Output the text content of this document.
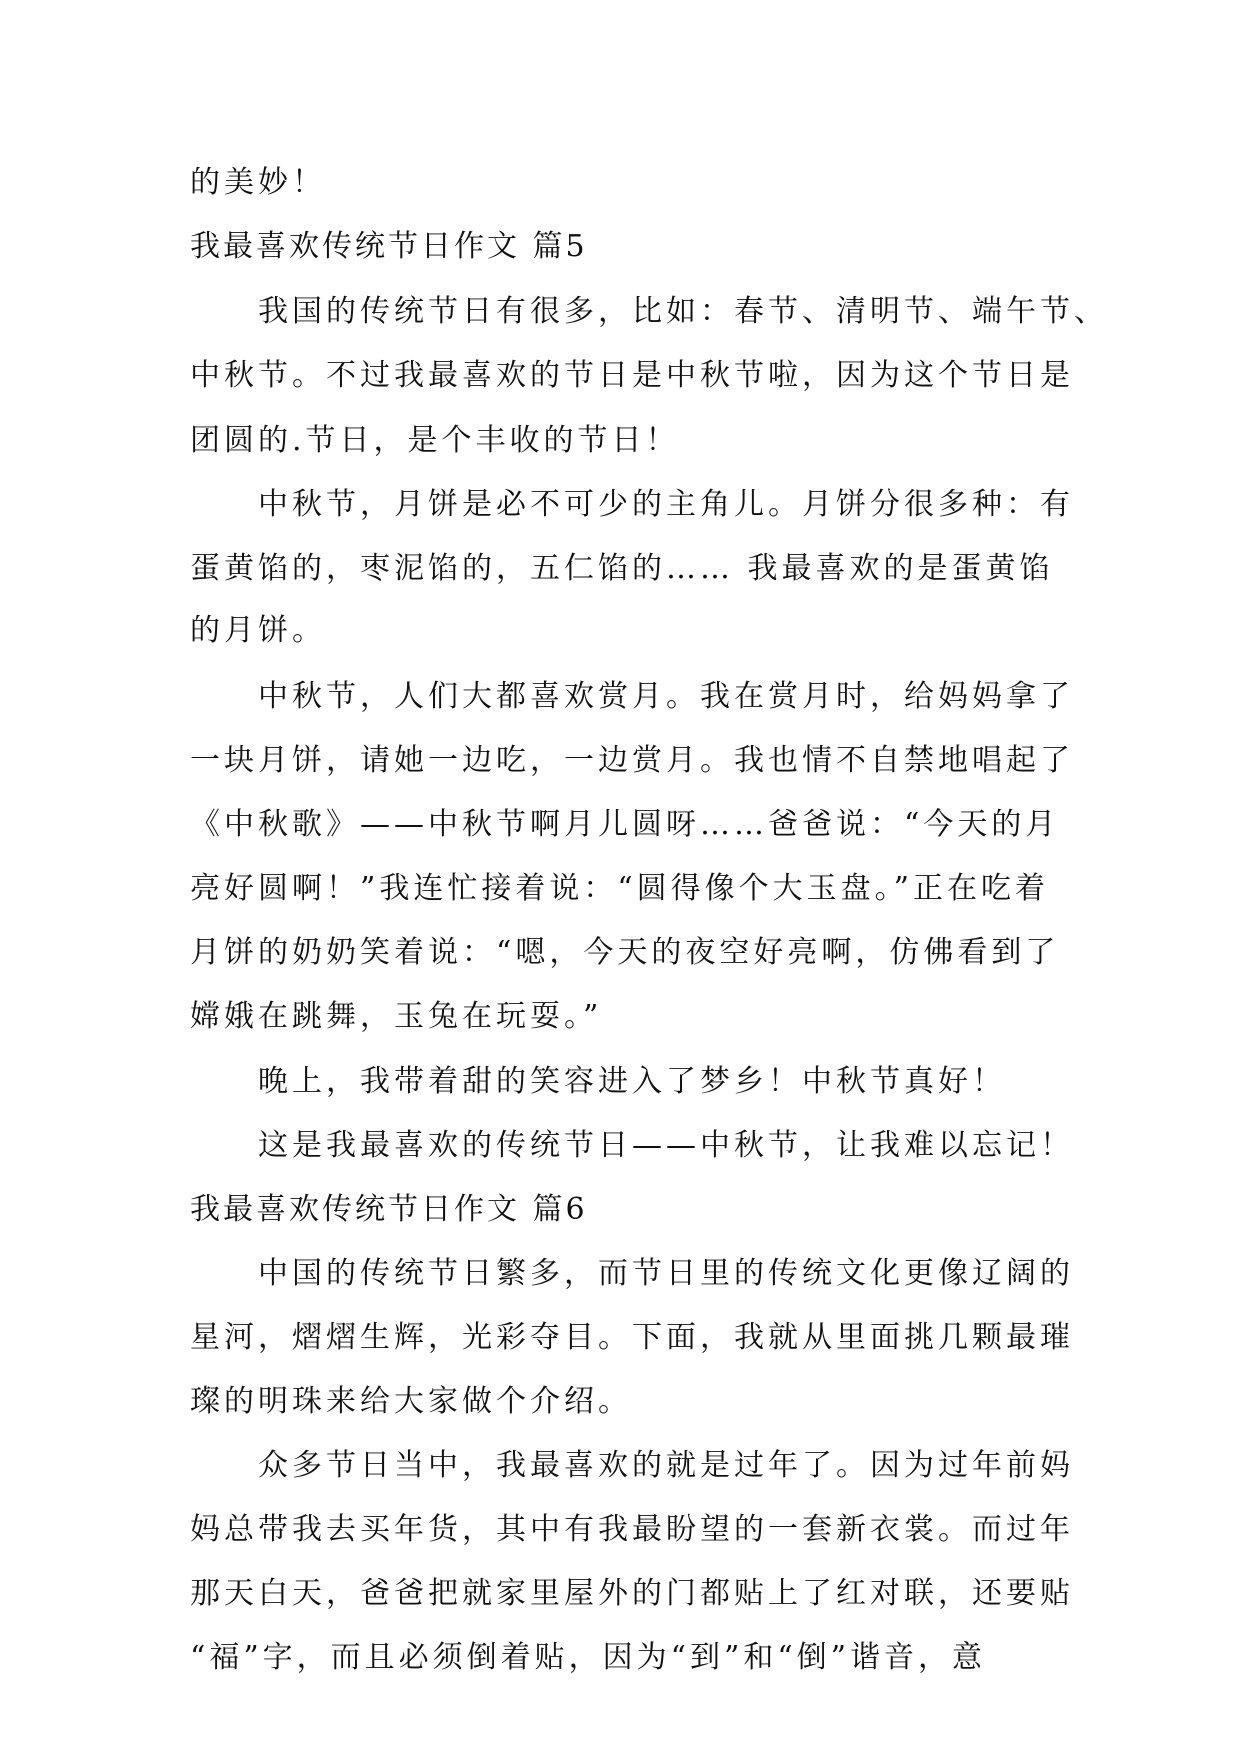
的美妙！
我最喜欢传统节日作文 篇5
我国的传统节日有很多，比如：春节、清明节、端午节、
中秋节。不过我最喜欢的节日是中秋节啦，因为这个节日是
团圆的.节日，是个丰收的节日！
中秋节，月饼是必不可少的主角儿。月饼分很多种：有
蛋黄馅的，枣泥馅的，五仁馅的…… 我最喜欢的是蛋黄馅
的月饼。
中秋节，人们大都喜欢赏月。我在赏月时，给妈妈拿了
一块月饼，请她一边吃，一边赏月。我也情不自禁地唱起了
《中秋歌》——中秋节啊月儿圆呀……爸爸说：“今天的月
亮好圆啊！”我连忙接着说：“圆得像个大玉盘。”正在吃着
月饼的奶奶笑着说：“嗯，今天的夜空好亮啊，仿佛看到了
嫦娥在跳舞，玉兔在玩耍。”
晚上，我带着甜的笑容进入了梦乡！中秋节真好！
这是我最喜欢的传统节日——中秋节，让我难以忘记！
我最喜欢传统节日作文 篇6
中国的传统节日繁多，而节日里的传统文化更像辽阔的
星河，熠熠生辉，光彩夺目。下面，我就从里面挑几颗最璀
璨的明珠来给大家做个介绍。
众多节日当中，我最喜欢的就是过年了。因为过年前妈
妈总带我去买年货，其中有我最盼望的一套新衣裳。而过年
那天白天，爸爸把就家里屋外的门都贴上了红对联，还要贴
“福”字，而且必须倒着贴，因为“到”和“倒”谐音，意
